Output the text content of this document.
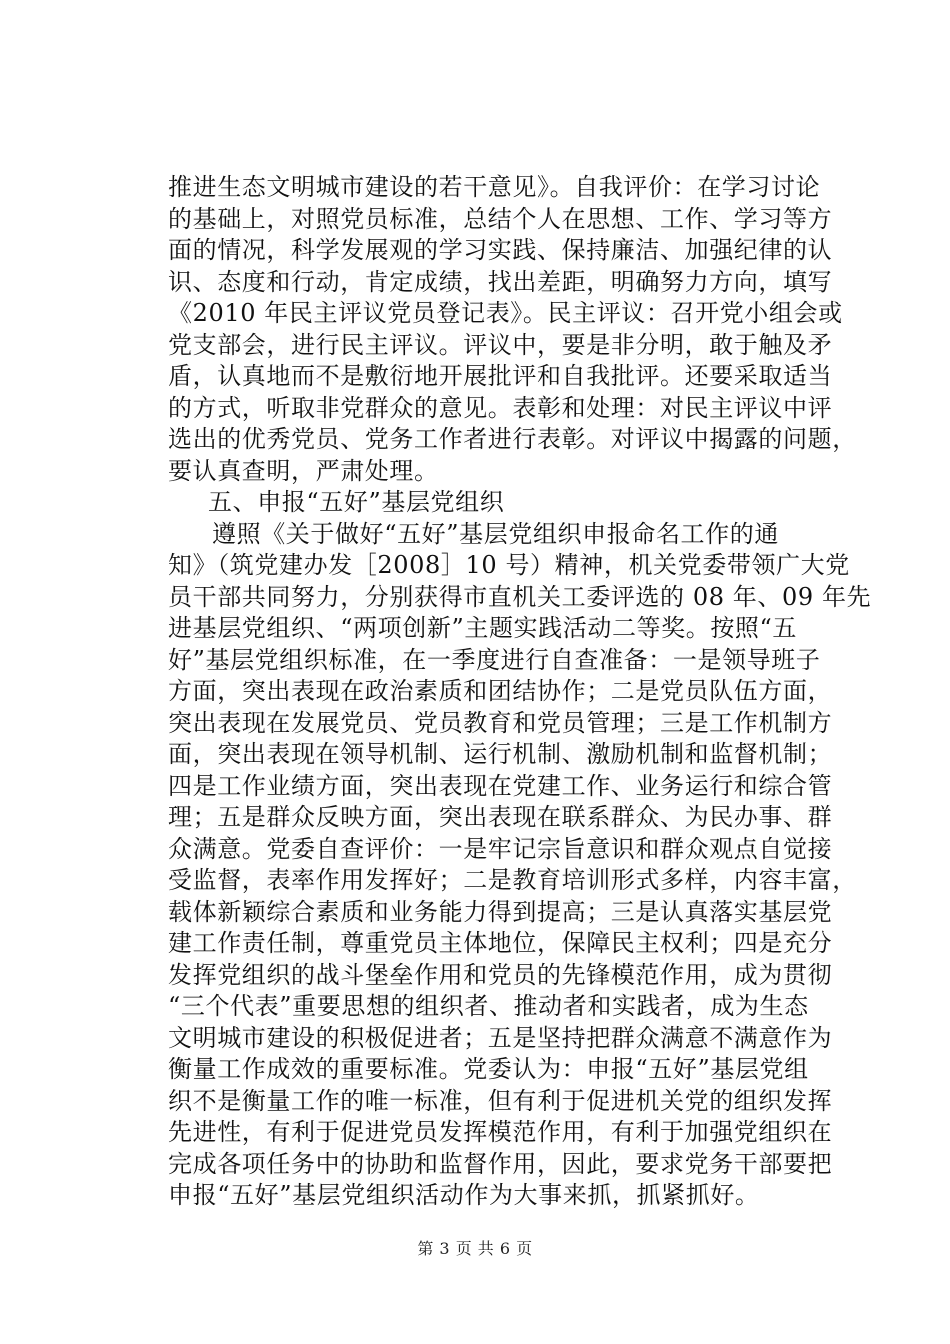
推进生态文明城市建设的若干意见》。自我评价：在学习讨论
的基础上，对照党员标准，总结个人在思想、工作、学习等方
面的情况，科学发展观的学习实践、保持廉洁、加强纪律的认
识、态度和行动，肯定成绩，找出差距，明确努力方向，填写
《2010 年民主评议党员登记表》。民主评议：召开党小组会或
党支部会，进行民主评议。评议中，要是非分明，敢于触及矛
盾，认真地而不是敷衍地开展批评和自我批评。还要采取适当
的方式，听取非党群众的意见。表彰和处理：对民主评议中评
选出的优秀党员、党务工作者进行表彰。对评议中揭露的问题，
要认真查明，严肃处理。
五、申报“五好”基层党组织
遵照《关于做好“五好”基层党组织申报命名工作的通
知》（筑党建办发［2008］10 号）精神，机关党委带领广大党
员干部共同努力，分别获得市直机关工委评选的 08 年、09 年先
进基层党组织、“两项创新”主题实践活动二等奖。按照“五
好”基层党组织标准，在一季度进行自查准备：一是领导班子
方面，突出表现在政治素质和团结协作；二是党员队伍方面，
突出表现在发展党员、党员教育和党员管理；三是工作机制方
面，突出表现在领导机制、运行机制、激励机制和监督机制；
四是工作业绩方面，突出表现在党建工作、业务运行和综合管
理；五是群众反映方面，突出表现在联系群众、为民办事、群
众满意。党委自查评价：一是牢记宗旨意识和群众观点自觉接
受监督，表率作用发挥好；二是教育培训形式多样，内容丰富，
载体新颖综合素质和业务能力得到提高；三是认真落实基层党
建工作责任制，尊重党员主体地位，保障民主权利；四是充分
发挥党组织的战斗堡垒作用和党员的先锋模范作用，成为贯彻
“三个代表”重要思想的组织者、推动者和实践者，成为生态
文明城市建设的积极促进者；五是坚持把群众满意不满意作为
衡量工作成效的重要标准。党委认为：申报“五好”基层党组
织不是衡量工作的唯一标准，但有利于促进机关党的组织发挥
先进性，有利于促进党员发挥模范作用，有利于加强党组织在
完成各项任务中的协助和监督作用，因此，要求党务干部要把
申报“五好”基层党组织活动作为大事来抓，抓紧抓好。
第 3 页 共 6 页
